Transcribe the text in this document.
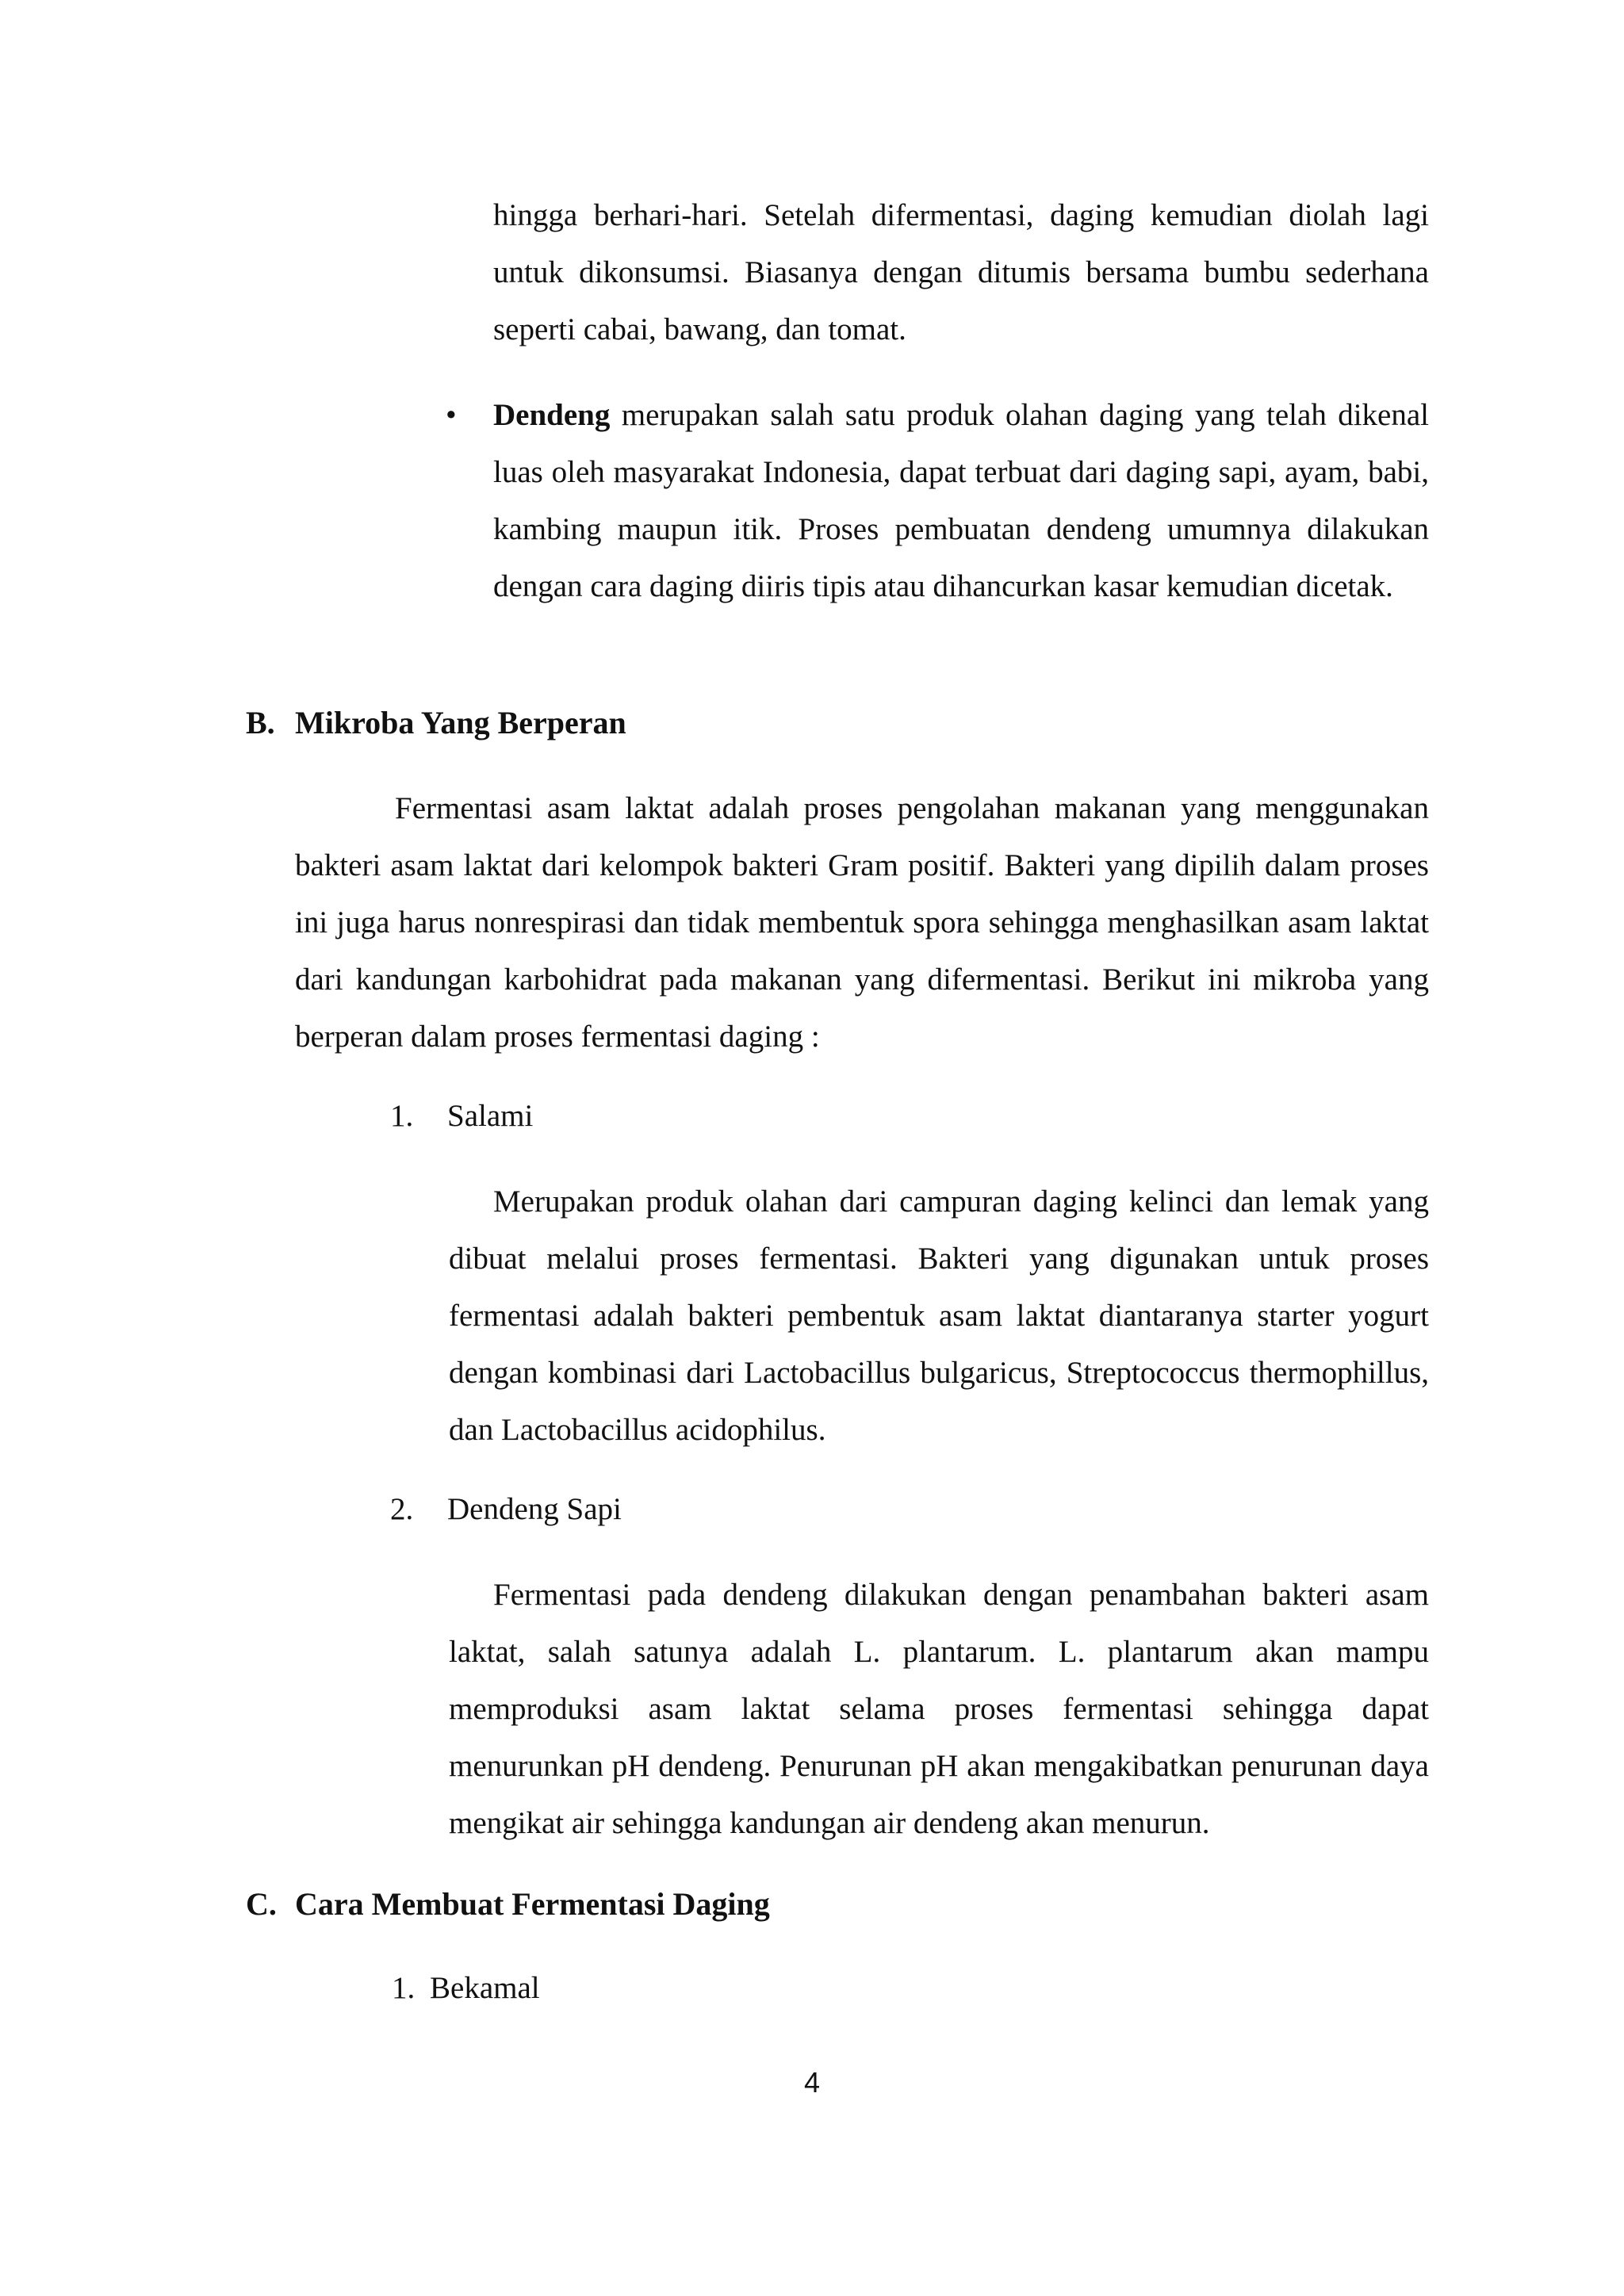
hingga berhari-hari. Setelah difermentasi, daging kemudian diolah lagi untuk dikonsumsi. Biasanya dengan ditumis bersama bumbu sederhana seperti cabai, bawang, dan tomat.

• Dendeng merupakan salah satu produk olahan daging yang telah dikenal luas oleh masyarakat Indonesia, dapat terbuat dari daging sapi, ayam, babi, kambing maupun itik. Proses pembuatan dendeng umumnya dilakukan dengan cara daging diiris tipis atau dihancurkan kasar kemudian dicetak.

B. Mikroba Yang Berperan

Fermentasi asam laktat adalah proses pengolahan makanan yang menggunakan bakteri asam laktat dari kelompok bakteri Gram positif. Bakteri yang dipilih dalam proses ini juga harus nonrespirasi dan tidak membentuk spora sehingga menghasilkan asam laktat dari kandungan karbohidrat pada makanan yang difermentasi. Berikut ini mikroba yang berperan dalam proses fermentasi daging :

1. Salami

Merupakan produk olahan dari campuran daging kelinci dan lemak yang dibuat melalui proses fermentasi. Bakteri yang digunakan untuk proses fermentasi adalah bakteri pembentuk asam laktat diantaranya starter yogurt dengan kombinasi dari Lactobacillus bulgaricus, Streptococcus thermophillus, dan Lactobacillus acidophilus.

2. Dendeng Sapi

Fermentasi pada dendeng dilakukan dengan penambahan bakteri asam laktat, salah satunya adalah L. plantarum. L. plantarum akan mampu memproduksi asam laktat selama proses fermentasi sehingga dapat menurunkan pH dendeng. Penurunan pH akan mengakibatkan penurunan daya mengikat air sehingga kandungan air dendeng akan menurun.

C. Cara Membuat Fermentasi Daging
1. Bekamal
4
